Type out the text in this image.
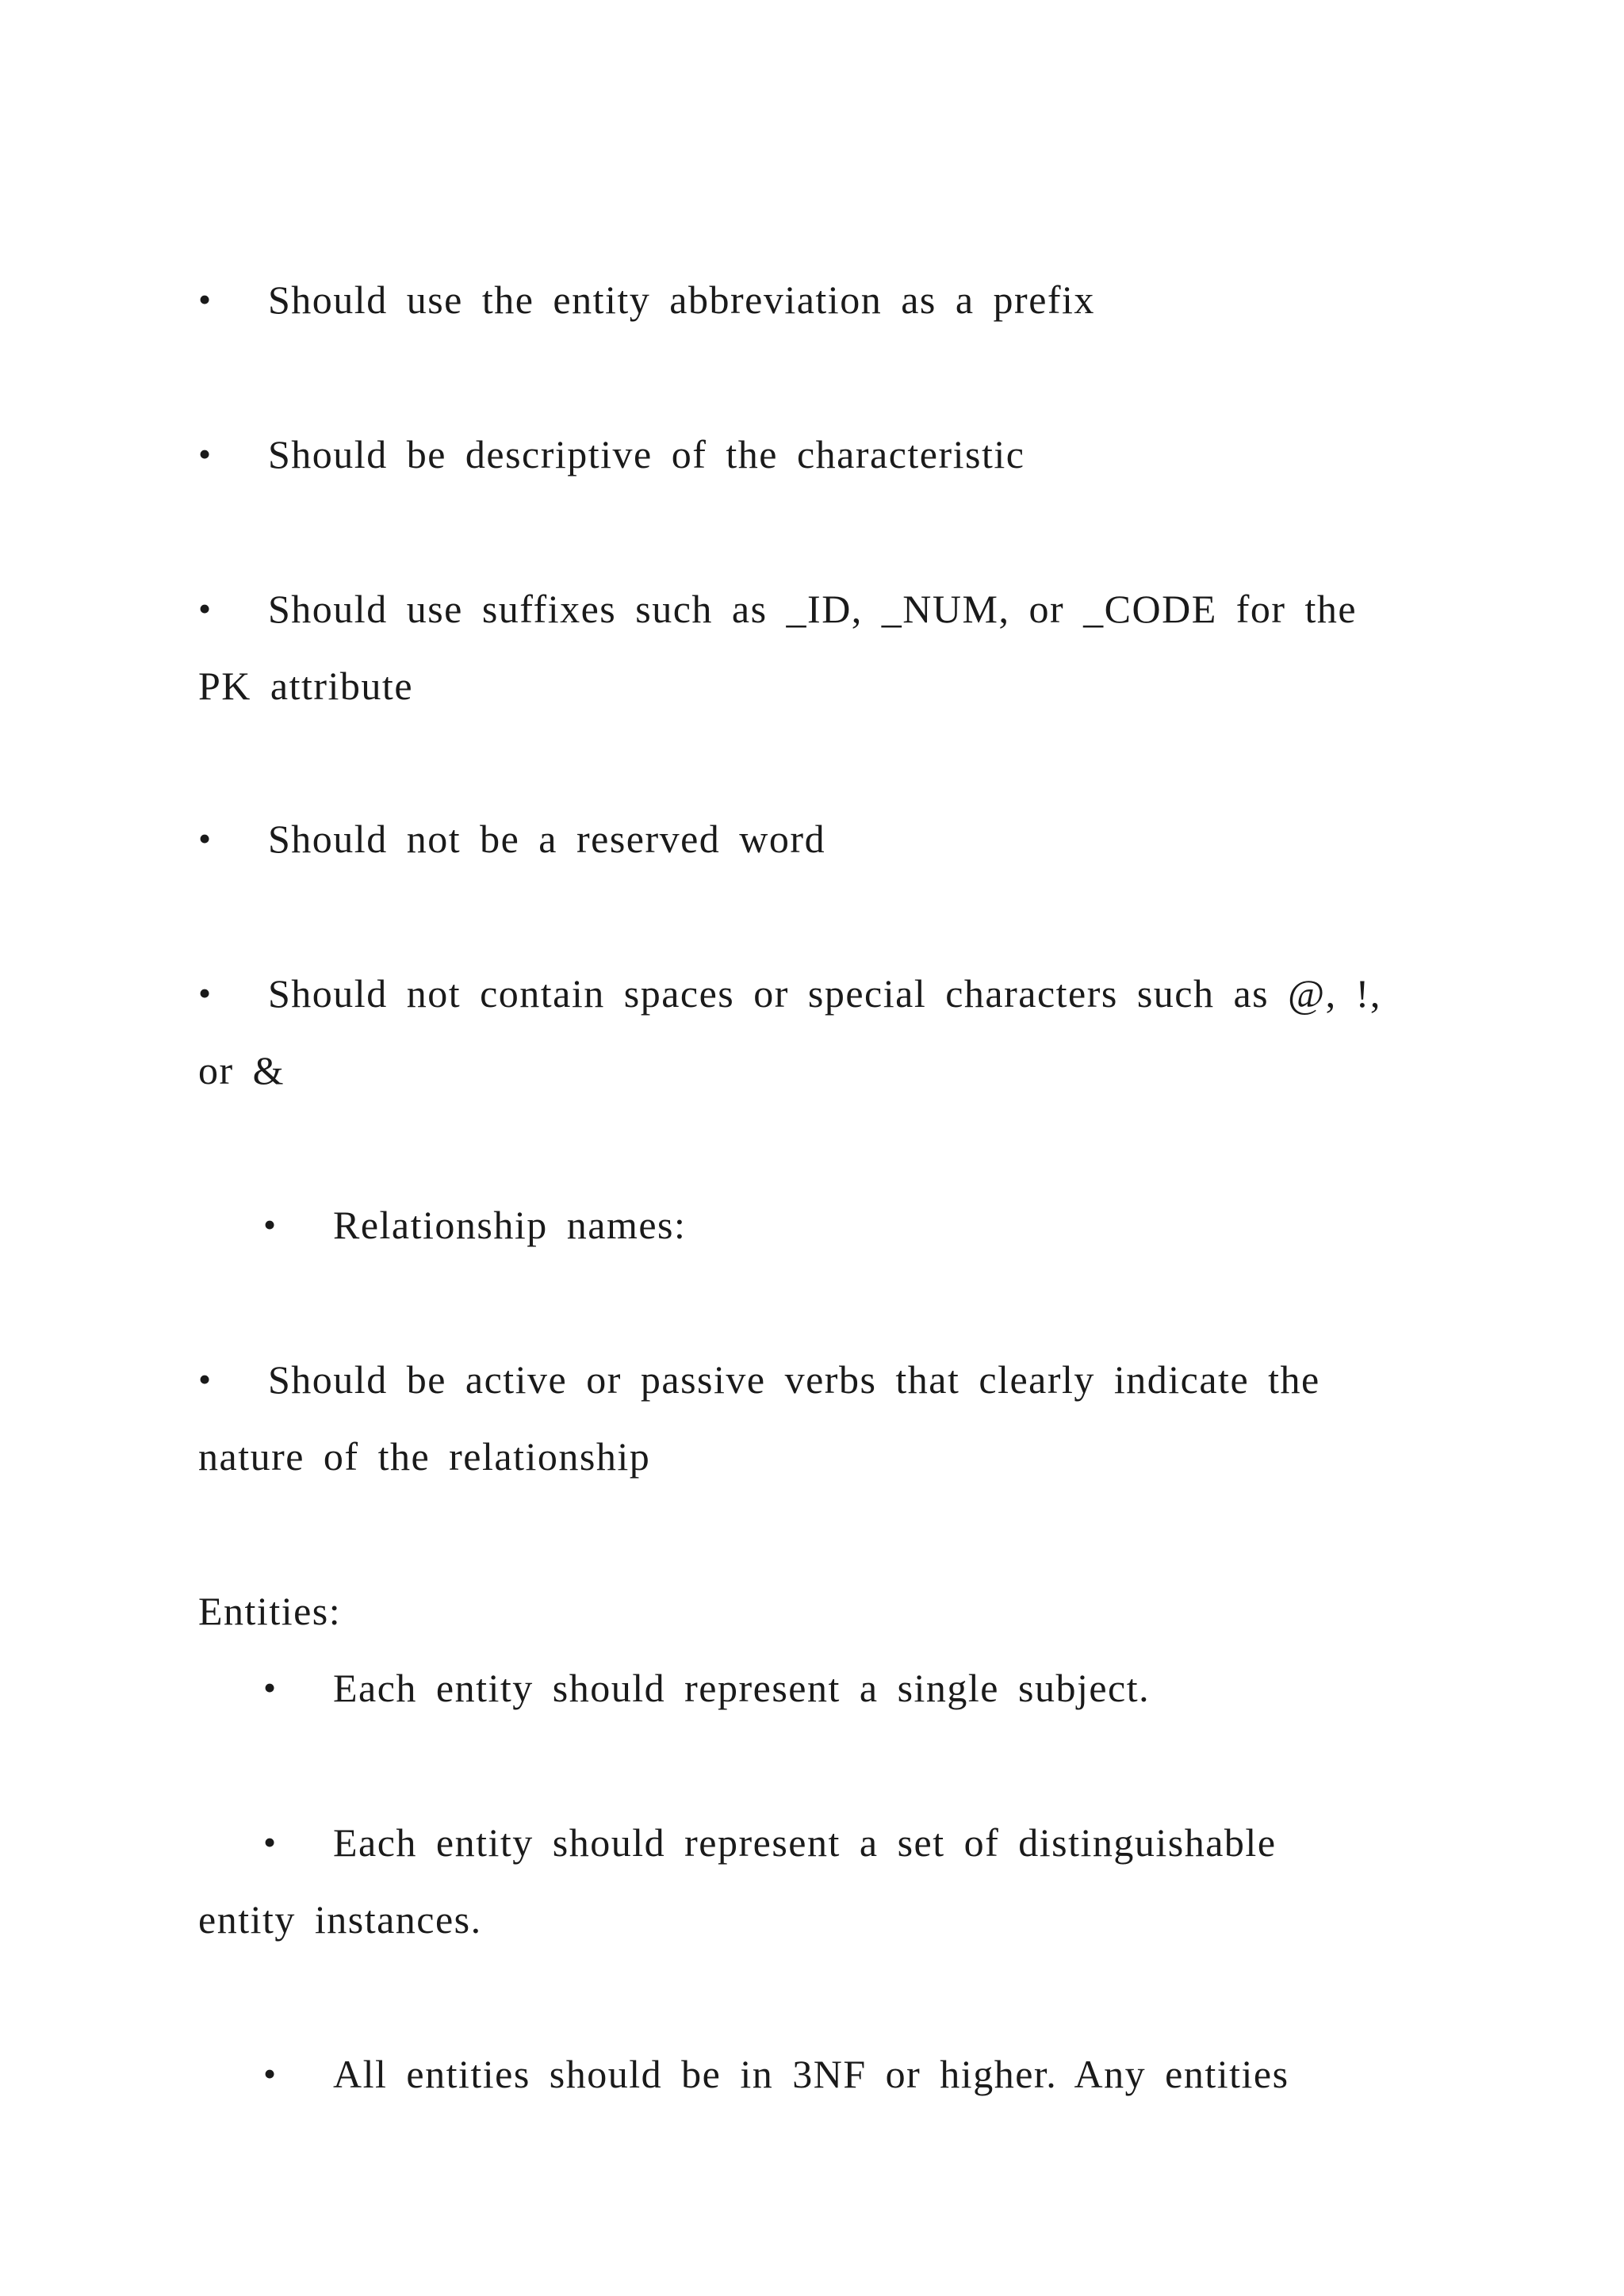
• Should use the entity abbreviation as a prefix
• Should be descriptive of the characteristic
• Should use suffixes such as _ID, _NUM, or _CODE for the
PK attribute
• Should not be a reserved word
• Should not contain spaces or special characters such as @, !,
or &
• Relationship names:
• Should be active or passive verbs that clearly indicate the
nature of the relationship
Entities:
• Each entity should represent a single subject.
• Each entity should represent a set of distinguishable
entity instances.
• All entities should be in 3NF or higher. Any entities
